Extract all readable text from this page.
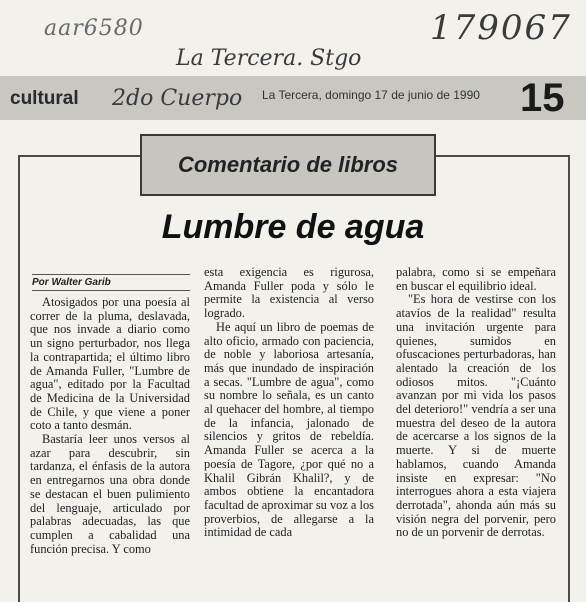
aar6580	179067
cultural	La Tercera, domingo 17 de junio de 1990 15
La Tercera. Stgo
2do Cuerpo
Comentario de libros
Lumbre de agua
Por Walter Garib

Atosigados por una poesía al correr de la pluma, deslavada, que nos invade a diario como un signo perturbador, nos llega la contrapartida; el último libro de Amanda Fuller, "Lumbre de agua", editado por la Facultad de Medicina de la Universidad de Chile, y que viene a poner coto a tanto desmán.

Bastaría leer unos versos al azar para descubrir, sin tardanza, el énfasis de la autora en entregarnos una obra donde se destacan el buen pulimiento del lenguaje, articulado por palabras adecuadas, las que cumplen a cabalidad una función precisa. Y como

esta exigencia es rigurosa, Amanda Fuller poda y sólo le permite la existencia al verso logrado.

He aquí un libro de poemas de alto oficio, armado con paciencia, de noble y laboriosa artesanía, más que inundado de inspiración a secas. "Lumbre de agua", como su nombre lo señala, es un canto al quehacer del hombre, al tiempo de la infancia, jalonado de silencios y gritos de rebeldía. Amanda Fuller se acerca a la poesía de Tagore, ¿por qué no a Khalil Gibrán Khalil?, y de ambos obtiene la encantadora facultad de aproximar su voz a los proverbios, de allegarse a la intimidad de cada

palabra, como si se empeñara en buscar el equilibrio ideal.

"Es hora de vestirse con los atavíos de la realidad" resulta una invitación urgente para quienes, sumidos en ofuscaciones perturbadoras, han alentado la creación de los odiosos mitos. "¡Cuánto avanzan por mi vida los pasos del deterioro!" vendría a ser una muestra del deseo de la autora de acercarse a los signos de la muerte. Y si de muerte hablamos, cuando Amanda insiste en expresar: "No interrogues ahora a esta viajera derrotada", ahonda aún más su visión negra del porvenir, pero no de un porvenir de derrotas.
